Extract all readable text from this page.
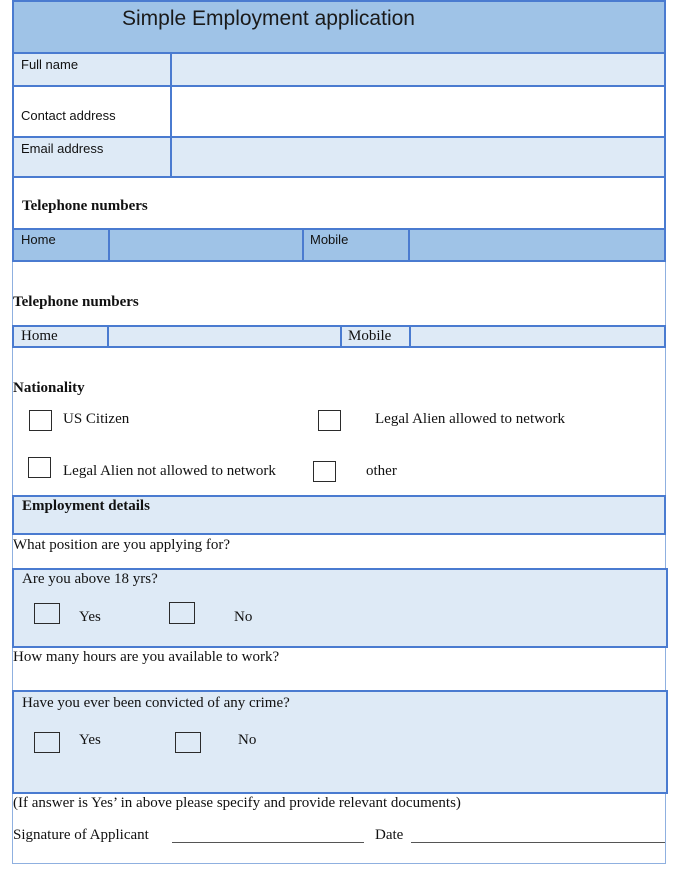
Simple Employment application
Full name
Contact address
Email address
Telephone numbers
Home	Mobile
Telephone numbers
Home	Mobile
Nationality
US Citizen	Legal Alien allowed to network
Legal Alien not allowed to network	other
Employment details
What position are you applying for?
Are you above 18 yrs?
Yes	No
How many hours are you available to work?
Have you ever been convicted of any crime?
Yes	No
(If answer is Yes’ in above please specify and provide relevant documents)
Signature of Applicant	Date
